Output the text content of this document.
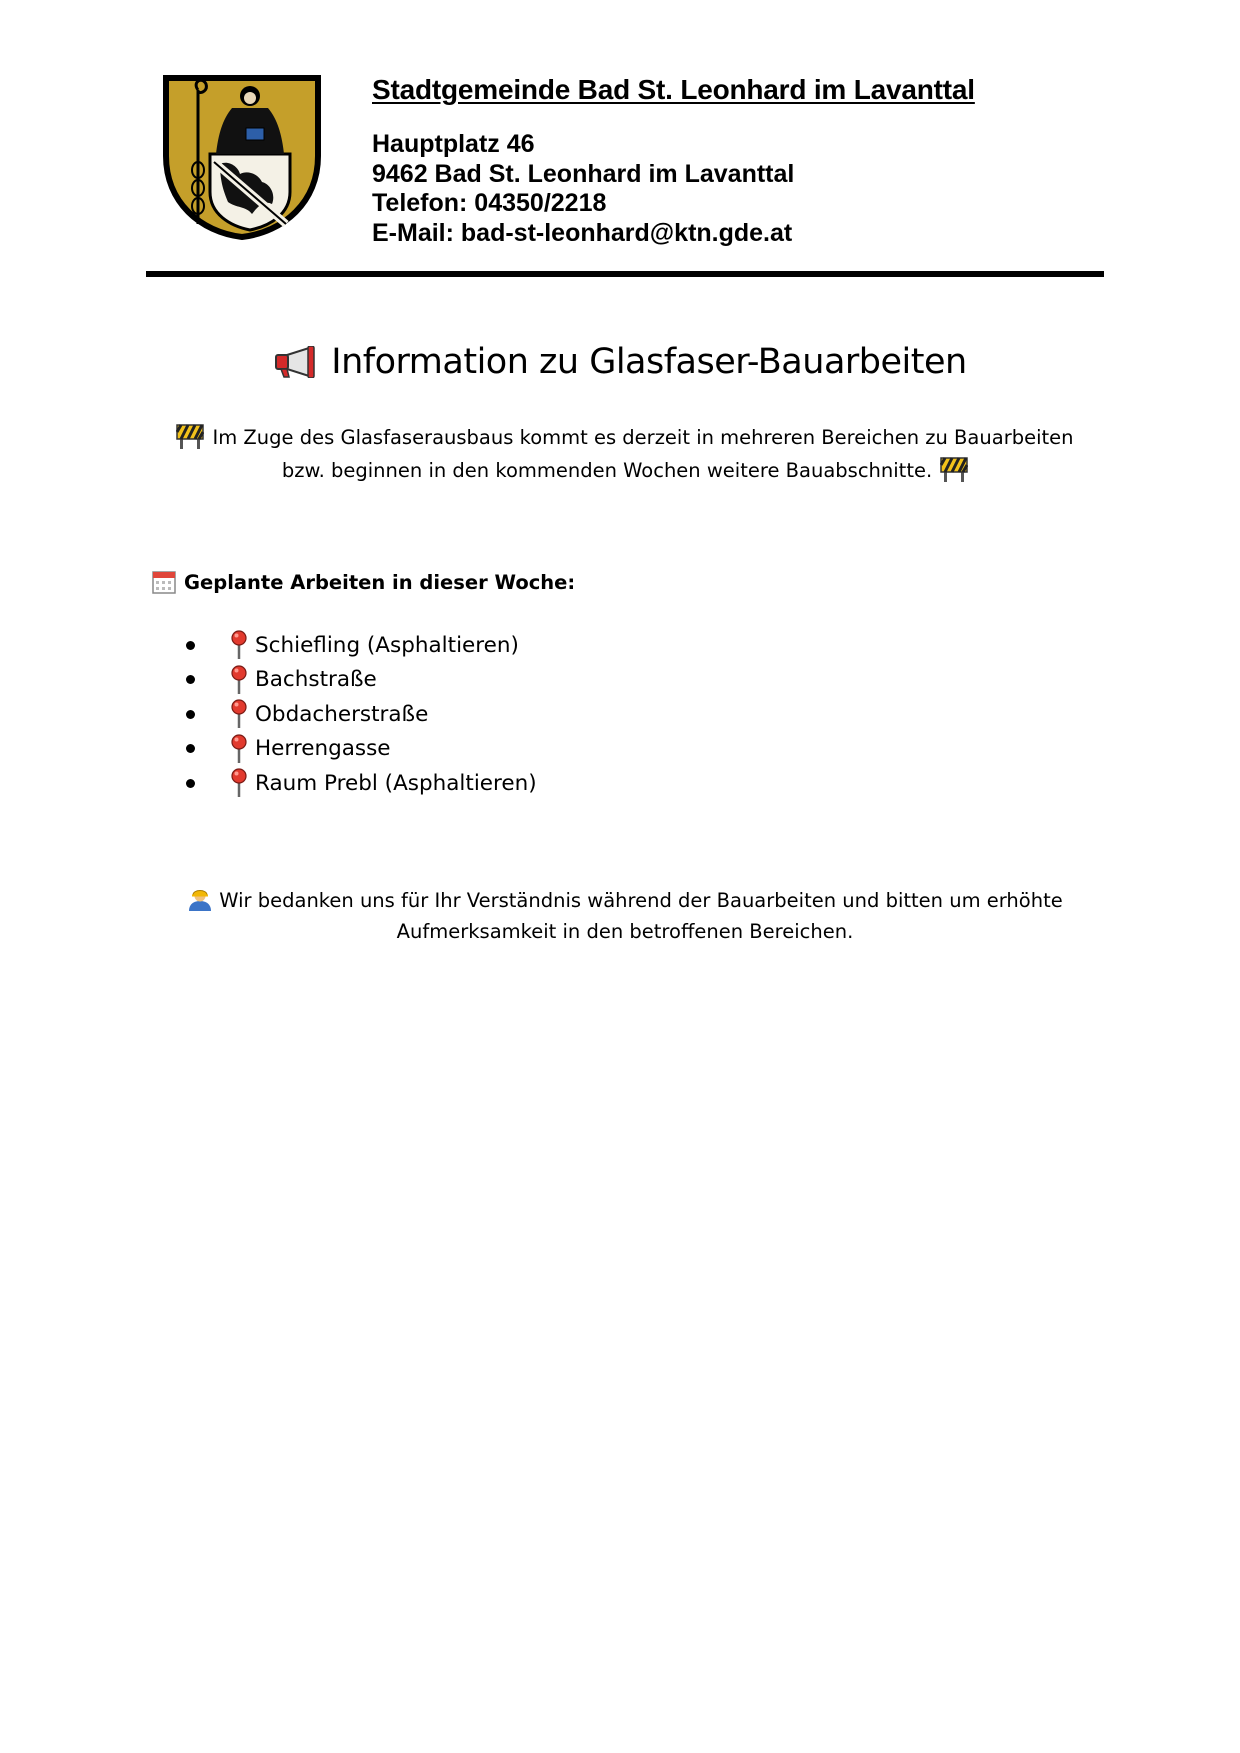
Stadtgemeinde Bad St. Leonhard im Lavanttal
Hauptplatz 46
9462 Bad St. Leonhard im Lavanttal
Telefon: 04350/2218
E-Mail: bad-st-leonhard@ktn.gde.at
Information zu Glasfaser-Bauarbeiten
Im Zuge des Glasfaserausbaus kommt es derzeit in mehreren Bereichen zu Bauarbeiten bzw. beginnen in den kommenden Wochen weitere Bauabschnitte.
Geplante Arbeiten in dieser Woche:
Schiefling (Asphaltieren)
Bachstraße
Obdacherstraße
Herrengasse
Raum Prebl (Asphaltieren)
Wir bedanken uns für Ihr Verständnis während der Bauarbeiten und bitten um erhöhte Aufmerksamkeit in den betroffenen Bereichen.
